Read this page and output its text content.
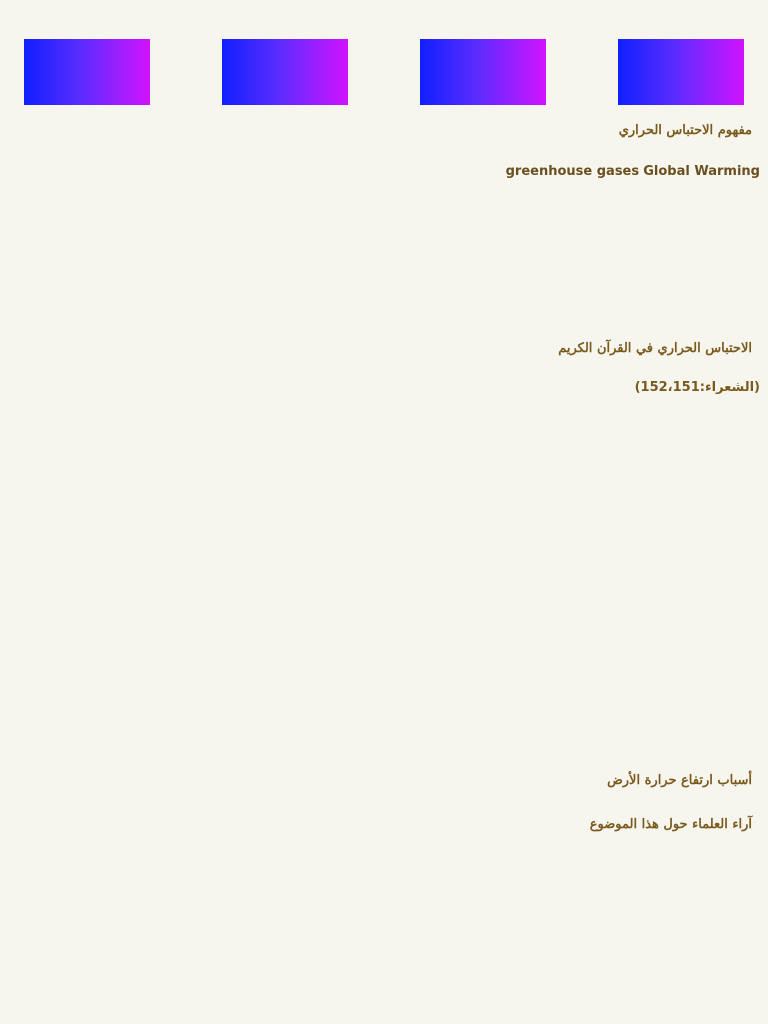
مفهوم الاحتباس الحراري

Global Warming greenhouse gases

الاحتباس الحراري في القرآن الكريم

(الشعراء:152،151)

أسباب ارتفاع حرارة الأرض
آراء العلماء حول هذا الموضوع
